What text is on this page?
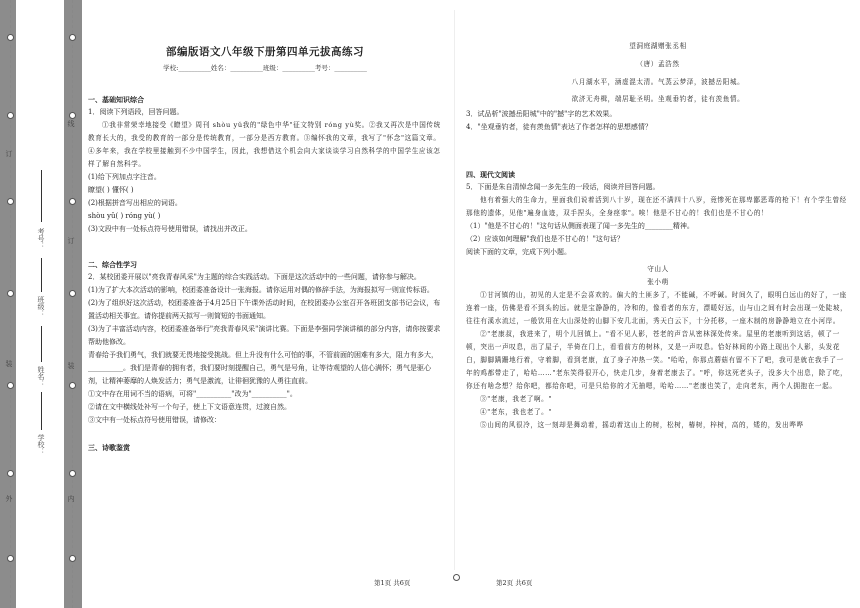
订
订
装
外	内
线
装
考号：
班级：
姓名：
学校：

部编版语文八年级下册第四单元拔高练习

学校:__________姓名：__________班级：__________考号：__________

一、基础知识综合

1．阅读下列语段，回答问题。

①我非常荣幸地接受《瞭望》周刊 shòu yǔ我的"绿色中华"征文特别 róng yù奖。②我又再次是中国传统教育长大的，我受的教育的一部分是传统教育，一部分是西方教育。③编怀我的文章，我写了"怀念"这篇文章。④多年来，我在学校里接触到不少中国学生，因此，我想借这个机会向大家谈谈学习自然科学的中国学生应该怎样了解自然科学。

(1)给下列加点字注音。

瞭望( ) 懂怀( )

(2)根据拼音写出相应的词语。

shòu yǔ( ) róng yù( )

(3)文段中有一处标点符号使用错误，请找出并改正。

二、综合性学习

2．某校团委开展以"亮我青春风采"为主题的综合实践活动。下面是这次活动中的一些问题，请你参与解决。

(1)为了扩大本次活动的影响，校团委准备设计一张海报。请你运用对偶的修辞手法，为海报拟写一则宣传标语。

(2)为了组织好这次活动，校团委准备于4月25日下午课外活动时间，在校团委办公室召开各班团支部书记会议，布置活动相关事宜。请你提前两天拟写一则简短的书面通知。

(3)为了丰富活动内容，校团委准备举行"亮我青春风采"演讲比赛。下面是李强同学演讲稿的部分内容，请你按要求帮助他修改。

青春给予我们勇气，我们就要无畏地接受挑战。但上升没有什么可怕的事，不管前面的困难有多大，阻力有多大，__________。我们是青春的拥有者，我们要时刻提醒自己，勇气是号角，让等待观望的人信心满怀；勇气是驱心剂，让精神萎靡的人焕发活力；勇气是激流，让徘徊犹豫的人勇往直前。

①文中存在用词不当的语病，可将"__________"改为"__________"。

②请在文中横线处补写一个句子，使上下文语意连贯，过渡自然。

③文中有一处标点符号使用错误，请修改：

三、诗歌鉴赏

第1页 共6页

望洞庭湖赠张丞相

（唐）孟浩然

八月湖水平，涵虚混太清。气蒸云梦泽，波撼岳阳城。

欲济无舟楫，端居耻圣明。坐观垂钓者，徒有羡鱼情。

3．试品析"波撼岳阳城"中的"撼"字的艺术效果。

4．"坐观垂钓者，徒有羡鱼情"表达了作者怎样的思想感情？

四、现代文阅读

5．下面是朱自清悼念闻一多先生的一段话，阅读并回答问题。

他有着强大的生命力，里面我们说着活到八十岁，现在还不满四十八岁，竟惨死在那卑鄙恶毒的枪下！有个学生曾经那他的遗体，见他"遍身血迹，双手捏头，全身痉挛"。唉！他是不甘心的！我们也是不甘心的！

（1）"他是不甘心的！"这句话从侧面表现了闻一多先生的________精神。

（2）应该如何理解"我们也是不甘心的！"这句话？

阅读下面的文章，完成下列小题。

守山人

张小萌

①甘河镇的山，初见的人定是不会喜欢的。偏大的土匪多了，不能碱，不呼碱。时间久了，眼明白远山的好了，一座连着一座，仿佛是看不到头的远。就是宝静静的，冷和的，像看者的东方，漂暖好远，山与山之间有时会出现一处陡坡，往往有溪水流过，一般饮用在大山深处的山脚下安几北面，秀天白云下，十分托移，一座木制的房静静地立在小河岸。

②"老康叔，我进来了，明个儿回镇上。"看不见人影，苍老的声音从密林深处传来。屋里的老康听到这话，顿了一顿，突出一声叹息，出了屋子，半倚在门上，看看前方的树林，又是一声叹息。恰好林间的小路上现出个人影，头发花白，脚脚蹒跚地行着，守着脚，看到老康，直了身子冲热一笑。"哈哈，你那点蘑菇有留不下了吧，我可是就在我手了一年的鸡都带走了，哈哈……"老东笑得很开心，快走几步，身着老康去了。"呼，你这死老头子，没多大个出息，除了吃，你还有啥念想？给你吧，都给你吧，可是只给你的才无抽嗯，哈哈……"老康也笑了，走向老东，两个人拥抱在一起。

③"老康，我老了啊。"

④"老东，我也老了。"

⑤山间的风很冷，这一刻却是舞动着，摇动着这山上的树，松树，椿树，梓树，高的，矮的，发出哗哗

第2页 共6页
